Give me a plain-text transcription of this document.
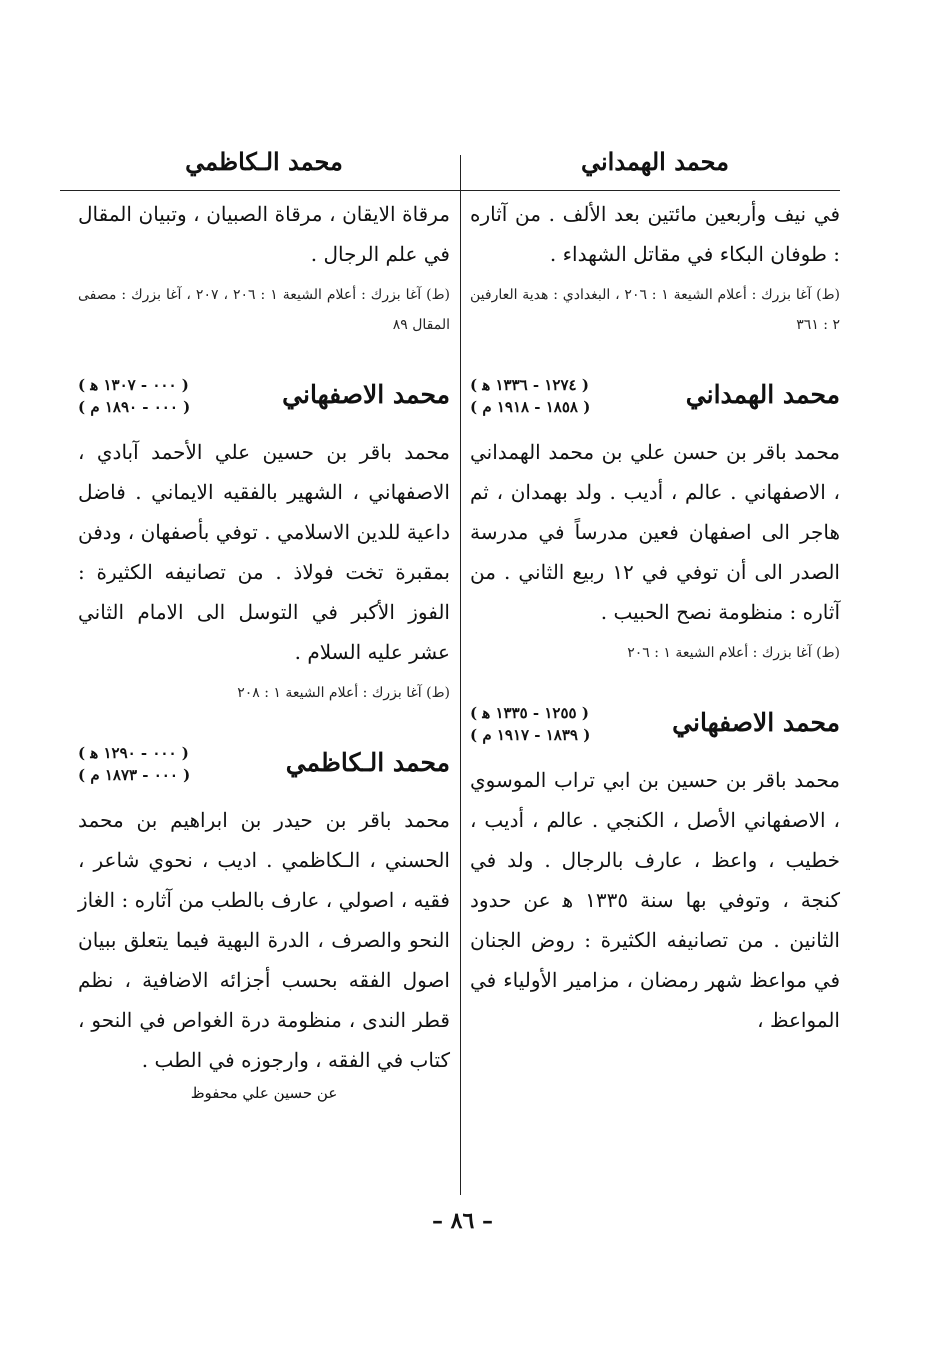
محمد الهمداني

في نيف وأربعين مائتين بعد الألف . من آثاره : طوفان البكاء في مقاتل الشهداء .

(ط) آغا بزرك : أعلام الشيعة ١ : ٢٠٦ ، البغدادي : هدية العارفين ٢ : ٣٦١

محمد الهمداني
( ١٢٧٤ - ١٣٣٦ ﻫ )
( ١٨٥٨ - ١٩١٨ م )

محمد باقر بن حسن علي بن محمد الهمداني ، الاصفهاني . عالم ، أديب . ولد بهمدان ، ثم هاجر الى اصفهان فعين مدرساً في مدرسة الصدر الى أن توفي في ١٢ ربيع الثاني . من آثاره : منظومة نصح الحبيب .

(ط) آغا بزرك : أعلام الشيعة ١ : ٢٠٦

محمد الاصفهاني
( ١٢٥٥ - ١٣٣٥ ﻫ )
( ١٨٣٩ - ١٩١٧ م )

محمد باقر بن حسين بن ابي تراب الموسوي ، الاصفهاني الأصل ، الكنجي . عالم ، أديب ، خطيب ، واعظ ، عارف بالرجال . ولد في كنجة ، وتوفي بها سنة ١٣٣٥ ﻫ عن حدود الثانين . من تصانيفه الكثيرة : روض الجنان في مواعظ شهر رمضان ، مزامير الأولياء في المواعظ ،

محمد الـكاظمي

مرقاة الايقان ، مرقاة الصبيان ، وتبيان المقال في علم الرجال .

(ط) آغا بزرك : أعلام الشيعة ١ : ٢٠٦ ، ٢٠٧ ، آغا بزرك : مصفى المقال ٨٩

محمد الاصفهاني
( ٠٠٠ - ١٣٠٧ ﻫ )
( ٠٠٠ - ١٨٩٠ م )

محمد باقر بن حسين علي الأحمد آبادي ، الاصفهاني ، الشهير بالفقيه الايماني . فاضل داعية للدين الاسلامي . توفي بأصفهان ، ودفن بمقبرة تخت فولاذ . من تصانيفه الكثيرة : الفوز الأكبر في التوسل الى الامام الثاني عشر عليه السلام .

(ط) آغا بزرك : أعلام الشيعة ١ : ٢٠٨

محمد الـكاظمي
( ٠٠٠ - ١٢٩٠ ﻫ )
( ٠٠٠ - ١٨٧٣ م )

محمد باقر بن حيدر بن ابراهيم بن محمد الحسني ، الـكاظمي . اديب ، نحوي شاعر ، فقيه ، اصولي ، عارف بالطب من آثاره : الغاز النحو والصرف ، الدرة البهية فيما يتعلق ببيان اصول الفقه بحسب أجزائه الاضافية ، نظم قطر الندى ، منظومة درة الغواص في النحو ، كتاب في الفقه ، وارجوزه في الطب .

عن حسين علي محفوظ
– ٨٦ –
